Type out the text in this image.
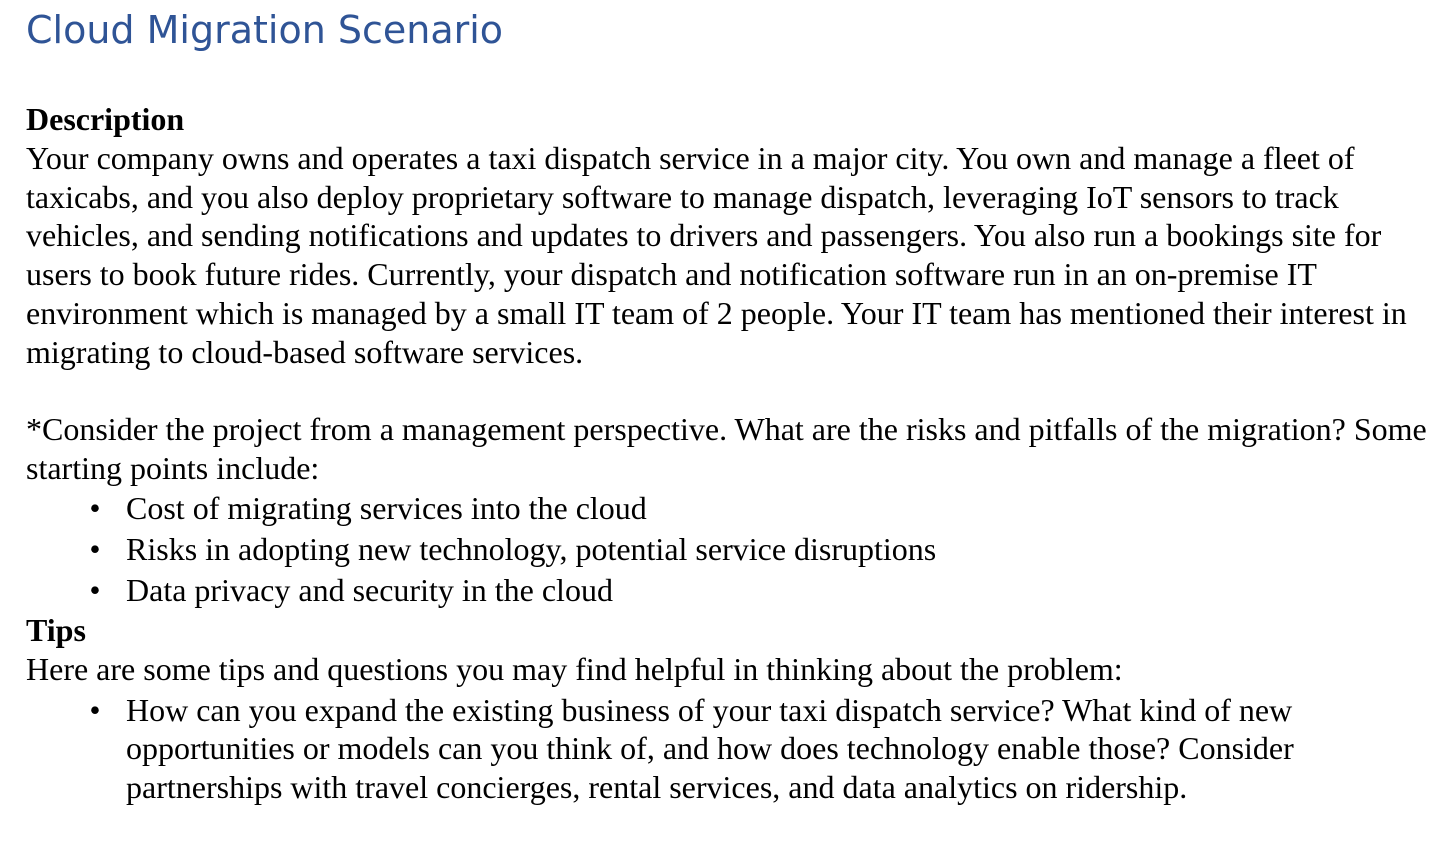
Cloud Migration Scenario

Description

Your company owns and operates a taxi dispatch service in a major city. You own and manage a fleet of taxicabs, and you also deploy proprietary software to manage dispatch, leveraging IoT sensors to track vehicles, and sending notifications and updates to drivers and passengers. You also run a bookings site for users to book future rides. Currently, your dispatch and notification software run in an on-premise IT environment which is managed by a small IT team of 2 people. Your IT team has mentioned their interest in migrating to cloud-based software services.

*Consider the project from a management perspective. What are the risks and pitfalls of the migration? Some starting points include:

• Cost of migrating services into the cloud
• Risks in adopting new technology, potential service disruptions
• Data privacy and security in the cloud

Tips

Here are some tips and questions you may find helpful in thinking about the problem:

• How can you expand the existing business of your taxi dispatch service? What kind of new opportunities or models can you think of, and how does technology enable those? Consider partnerships with travel concierges, rental services, and data analytics on ridership.
